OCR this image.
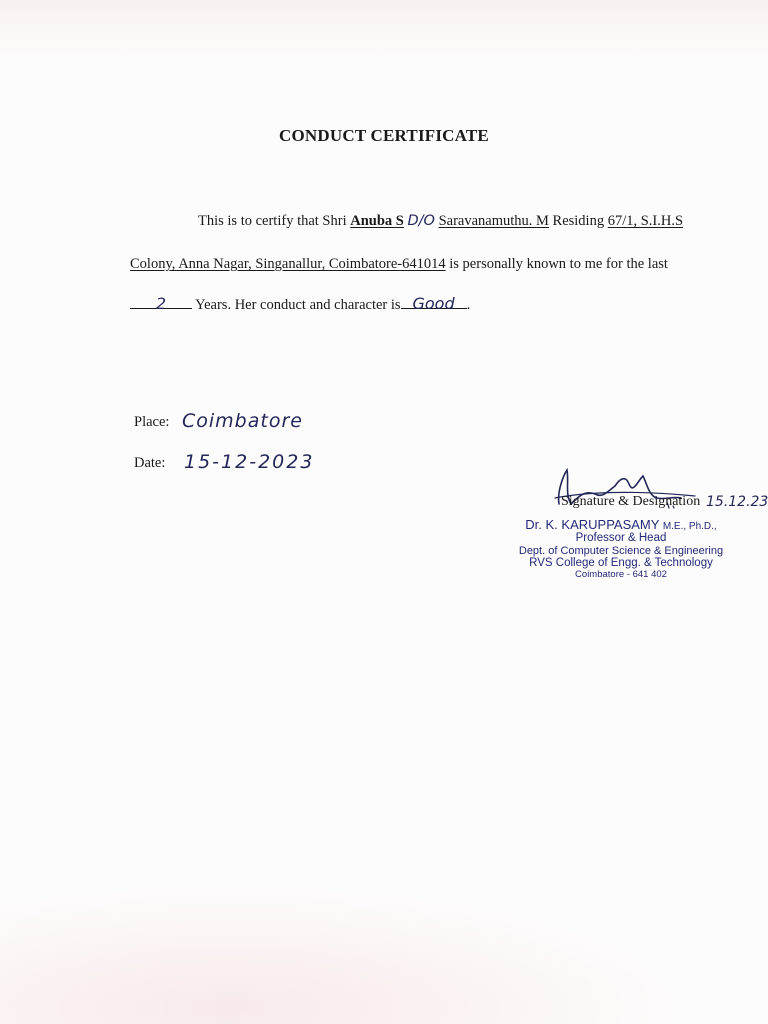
CONDUCT CERTIFICATE
This is to certify that Shri Anuba S D/O Saravanamuthu. M Residing 67/1, S.I.H.S
Colony, Anna Nagar, Singanallur, Coimbatore-641014 is personally known to me for the last
2 Years. Her conduct and character is Good .
Place: Coimbatore
Date: 15-12-2023
Signature & Designation 15.12.23
Dr. K. KARUPPASAMY M.E., Ph.D.,
Professor & Head
Dept. of Computer Science & Engineering
RVS College of Engg. & Technology
Coimbatore - 641 402
